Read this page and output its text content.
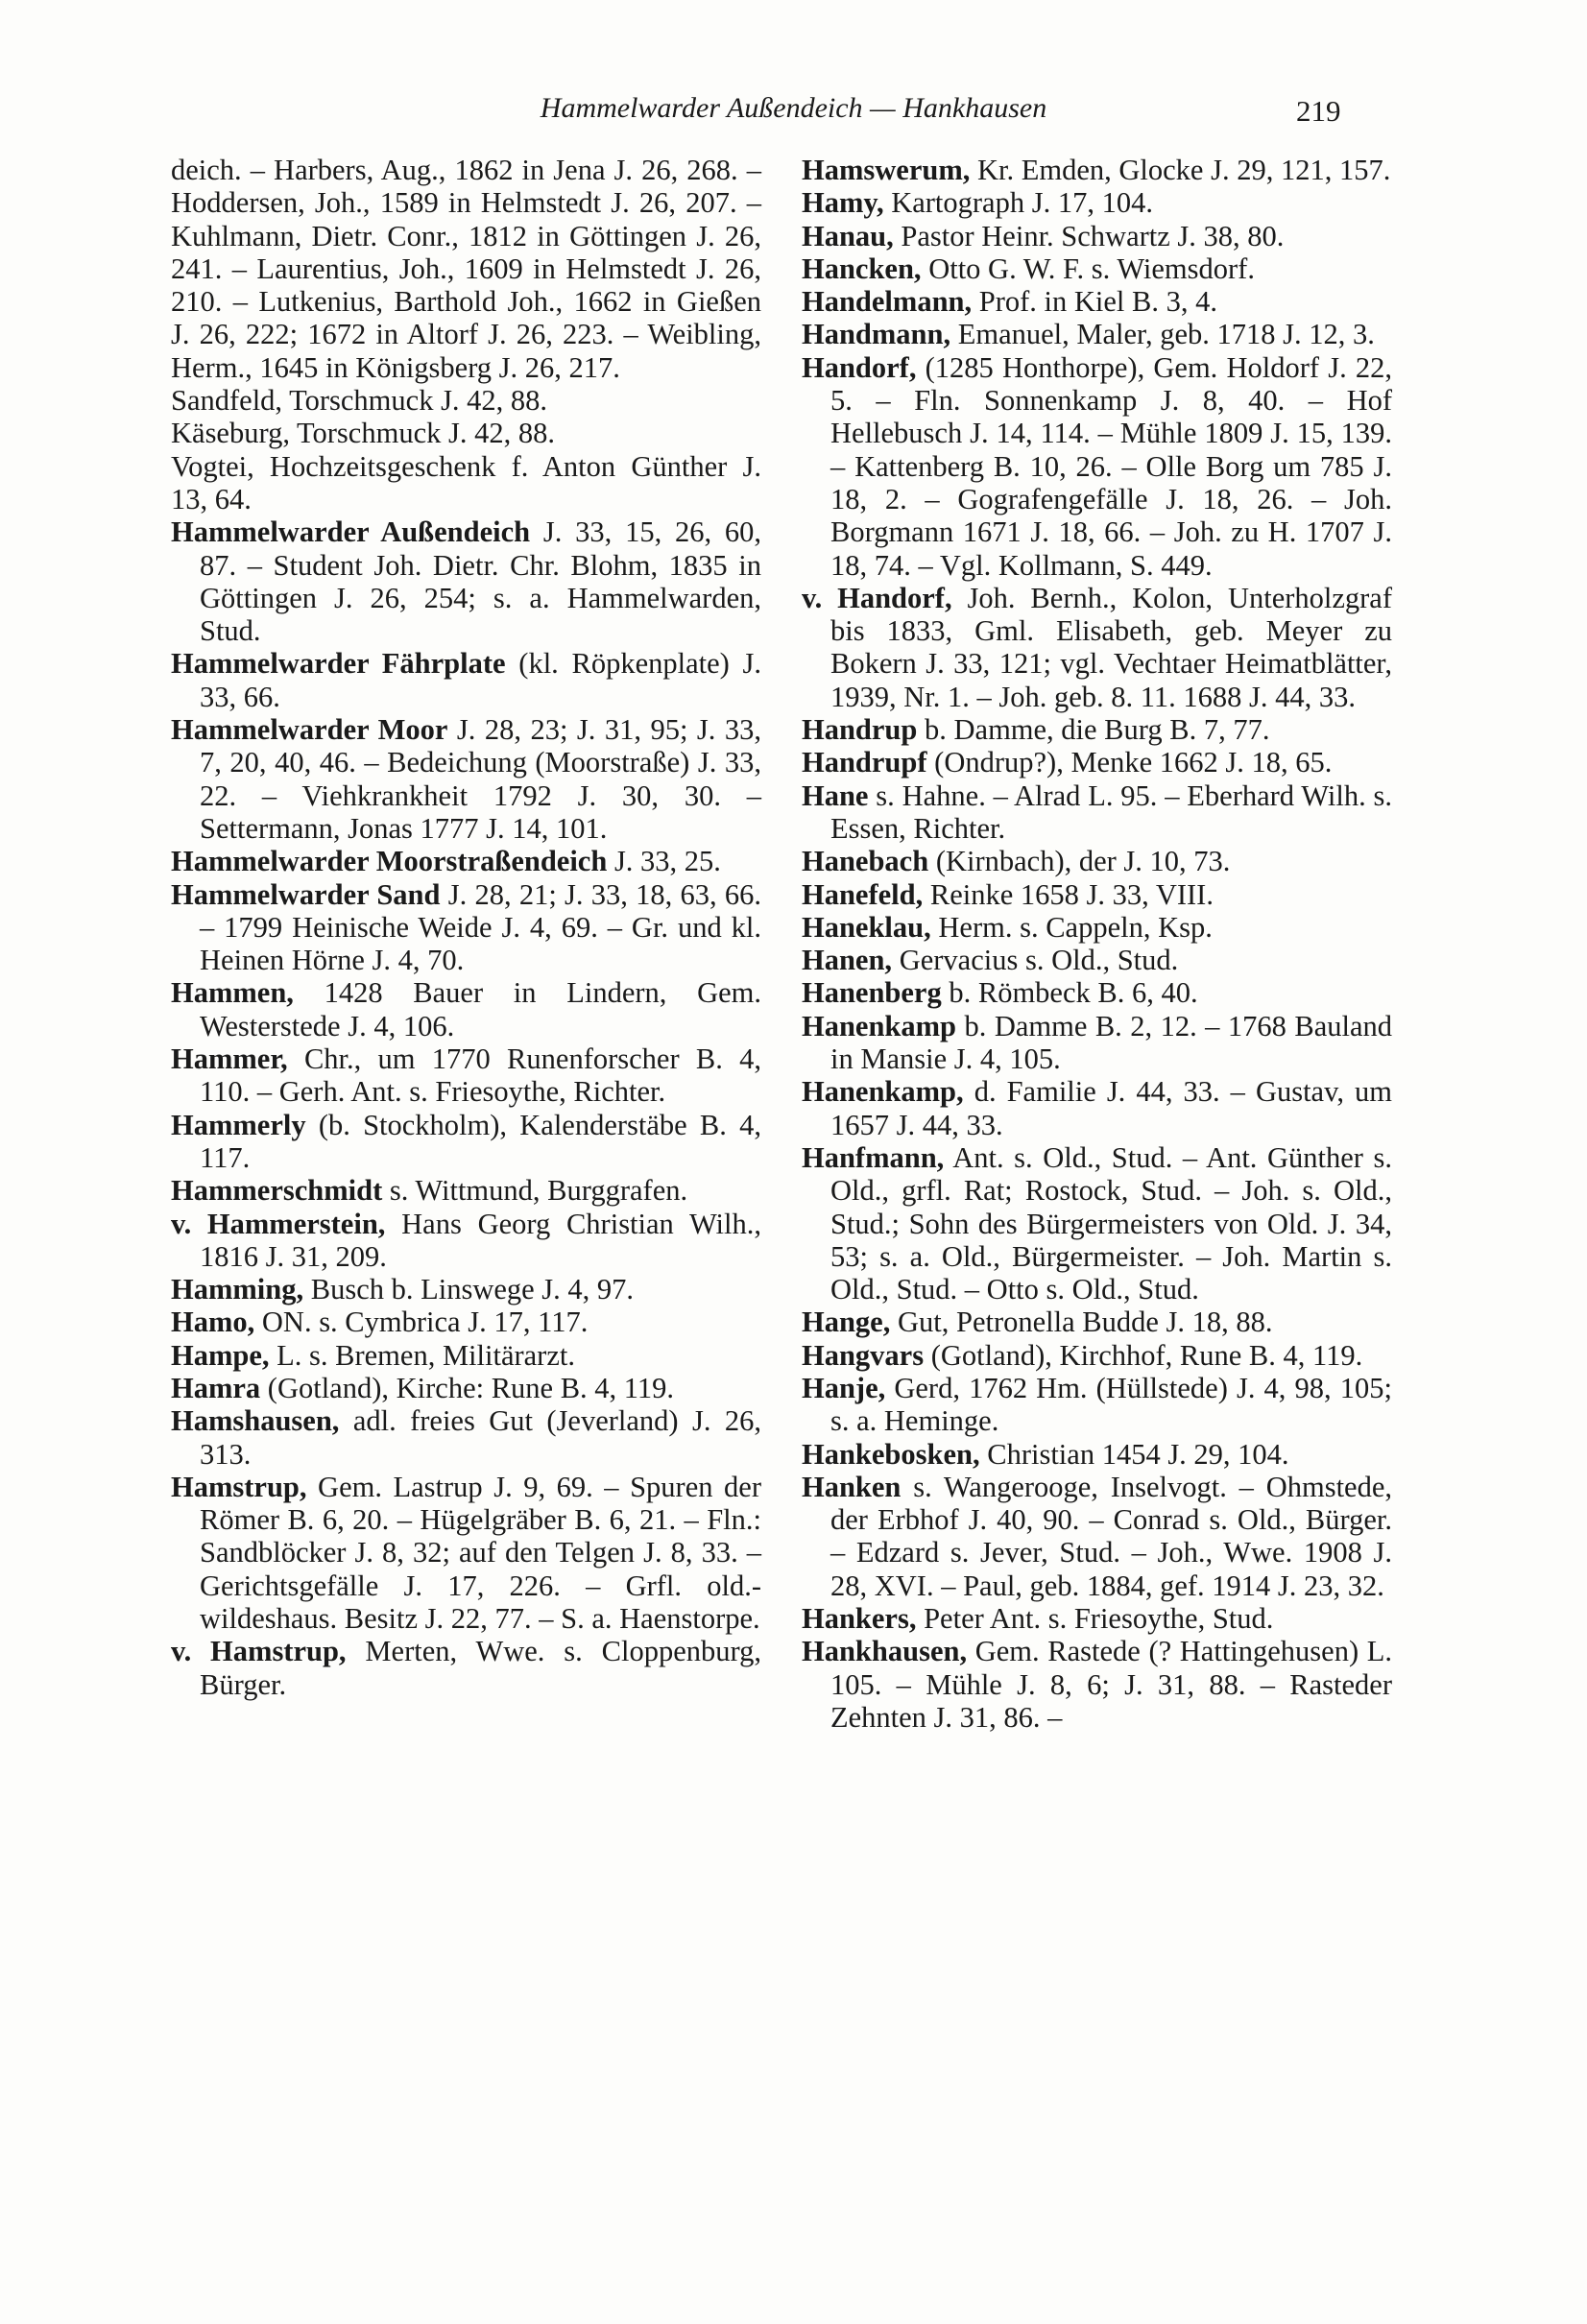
Hammelwarder Außendeich — Hankhausen	219

deich. – Harbers, Aug., 1862 in Jena J. 26, 268. – Hoddersen, Joh., 1589 in Helmstedt J. 26, 207. – Kuhlmann, Dietr. Conr., 1812 in Göttingen J. 26, 241. – Laurentius, Joh., 1609 in Helmstedt J. 26, 210. – Lutkenius, Barthold Joh., 1662 in Gießen J. 26, 222; 1672 in Altorf J. 26, 223. – Weibling, Herm., 1645 in Königsberg J. 26, 217.

Sandfeld, Torschmuck J. 42, 88.

Käseburg, Torschmuck J. 42, 88.

Vogtei, Hochzeitsgeschenk f. Anton Günther J. 13, 64.

Hammelwarder Außendeich J. 33, 15, 26, 60, 87. – Student Joh. Dietr. Chr. Blohm, 1835 in Göttingen J. 26, 254; s. a. Hammelwarden, Stud.

Hammelwarder Fährplate (kl. Röpkenplate) J. 33, 66.

Hammelwarder Moor J. 28, 23; J. 31, 95; J. 33, 7, 20, 40, 46. – Bedeichung (Moorstraße) J. 33, 22. – Viehkrankheit 1792 J. 30, 30. – Settermann, Jonas 1777 J. 14, 101.

Hammelwarder Moorstraßendeich J. 33, 25.

Hammelwarder Sand J. 28, 21; J. 33, 18, 63, 66. – 1799 Heinische Weide J. 4, 69. – Gr. und kl. Heinen Hörne J. 4, 70.

Hammen, 1428 Bauer in Lindern, Gem. Westerstede J. 4, 106.

Hammer, Chr., um 1770 Runenforscher B. 4, 110. – Gerh. Ant. s. Friesoythe, Richter.

Hammerly (b. Stockholm), Kalenderstäbe B. 4, 117.

Hammerschmidt s. Wittmund, Burggrafen.

v. Hammerstein, Hans Georg Christian Wilh., 1816 J. 31, 209.

Hamming, Busch b. Linswege J. 4, 97.

Hamo, ON. s. Cymbrica J. 17, 117.

Hampe, L. s. Bremen, Militärarzt.

Hamra (Gotland), Kirche: Rune B. 4, 119.

Hamshausen, adl. freies Gut (Jeverland) J. 26, 313.

Hamstrup, Gem. Lastrup J. 9, 69. – Spuren der Römer B. 6, 20. – Hügelgräber B. 6, 21. – Fln.: Sandblöcker J. 8, 32; auf den Telgen J. 8, 33. – Gerichtsgefälle J. 17, 226. – Grfl. old.-wildeshaus. Besitz J. 22, 77. – S. a. Haenstorpe.

v. Hamstrup, Merten, Wwe. s. Cloppenburg, Bürger.

Hamswerum, Kr. Emden, Glocke J. 29, 121, 157.

Hamy, Kartograph J. 17, 104.

Hanau, Pastor Heinr. Schwartz J. 38, 80.

Hancken, Otto G. W. F. s. Wiemsdorf.

Handelmann, Prof. in Kiel B. 3, 4.

Handmann, Emanuel, Maler, geb. 1718 J. 12, 3.

Handorf, (1285 Honthorpe), Gem. Holdorf J. 22, 5. – Fln. Sonnenkamp J. 8, 40. – Hof Hellebusch J. 14, 114. – Mühle 1809 J. 15, 139. – Kattenberg B. 10, 26. – Olle Borg um 785 J. 18, 2. – Gografengefälle J. 18, 26. – Joh. Borgmann 1671 J. 18, 66. – Joh. zu H. 1707 J. 18, 74. – Vgl. Kollmann, S. 449.

v. Handorf, Joh. Bernh., Kolon, Unterholzgraf bis 1833, Gml. Elisabeth, geb. Meyer zu Bokern J. 33, 121; vgl. Vechtaer Heimatblätter, 1939, Nr. 1. – Joh. geb. 8. 11. 1688 J. 44, 33.

Handrup b. Damme, die Burg B. 7, 77.

Handrupf (Ondrup?), Menke 1662 J. 18, 65.

Hane s. Hahne. – Alrad L. 95. – Eberhard Wilh. s. Essen, Richter.

Hanebach (Kirnbach), der J. 10, 73.

Hanefeld, Reinke 1658 J. 33, VIII.

Haneklau, Herm. s. Cappeln, Ksp.

Hanen, Gervacius s. Old., Stud.

Hanenberg b. Römbeck B. 6, 40.

Hanenkamp b. Damme B. 2, 12. – 1768 Bauland in Mansie J. 4, 105.

Hanenkamp, d. Familie J. 44, 33. – Gustav, um 1657 J. 44, 33.

Hanfmann, Ant. s. Old., Stud. – Ant. Günther s. Old., grfl. Rat; Rostock, Stud. – Joh. s. Old., Stud.; Sohn des Bürgermeisters von Old. J. 34, 53; s. a. Old., Bürgermeister. – Joh. Martin s. Old., Stud. – Otto s. Old., Stud.

Hange, Gut, Petronella Budde J. 18, 88.

Hangvars (Gotland), Kirchhof, Rune B. 4, 119.

Hanje, Gerd, 1762 Hm. (Hüllstede) J. 4, 98, 105; s. a. Heminge.

Hankebosken, Christian 1454 J. 29, 104.

Hanken s. Wangerooge, Inselvogt. – Ohmstede, der Erbhof J. 40, 90. – Conrad s. Old., Bürger. – Edzard s. Jever, Stud. – Joh., Wwe. 1908 J. 28, XVI. – Paul, geb. 1884, gef. 1914 J. 23, 32.

Hankers, Peter Ant. s. Friesoythe, Stud.

Hankhausen, Gem. Rastede (? Hattingehusen) L. 105. – Mühle J. 8, 6; J. 31, 88. – Rasteder Zehnten J. 31, 86. –
